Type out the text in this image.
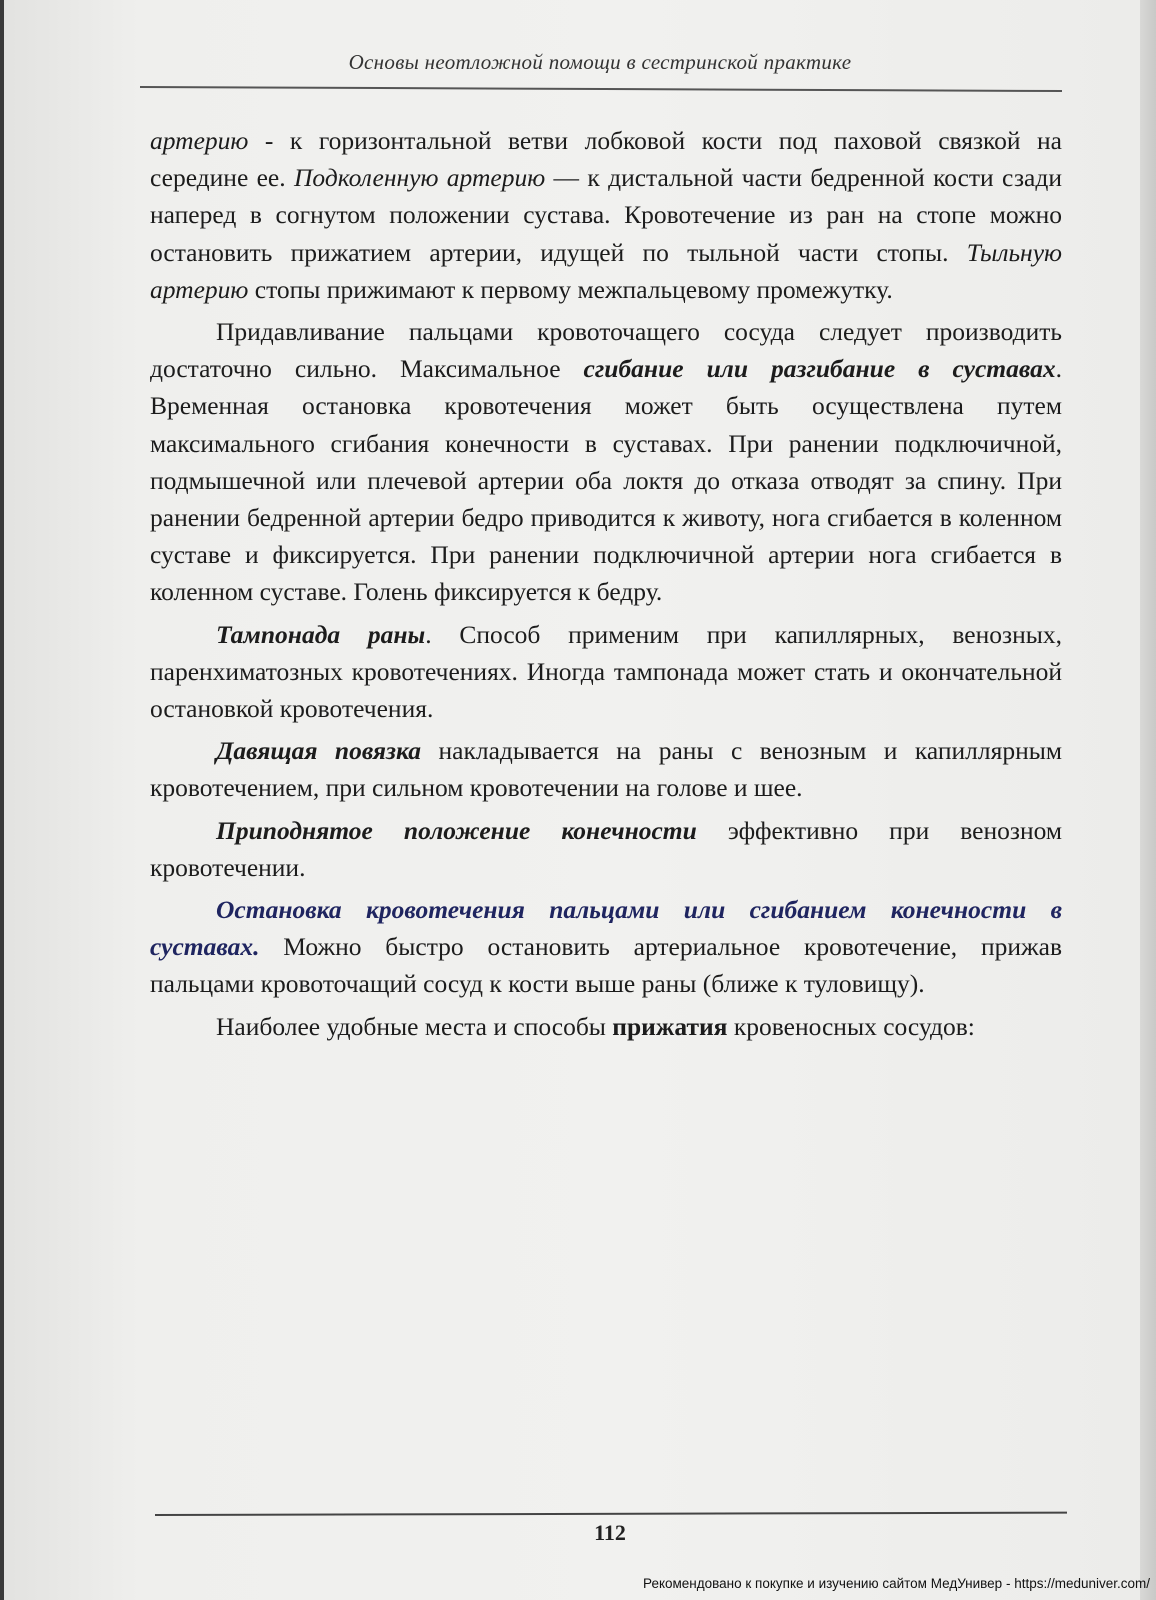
Основы неотложной помощи в сестринской практике

артерию - к горизонтальной ветви лобковой кости под паховой связкой на середине ее. Подколенную артерию — к дистальной части бедренной кости сзади наперед в согнутом положении сустава. Кровотечение из ран на стопе можно остановить прижатием артерии, идущей по тыльной части стопы. Тыльную артерию стопы прижимают к первому межпальцевому промежутку.

Придавливание пальцами кровоточащего сосуда следует производить достаточно сильно. Максимальное сгибание или разгибание в суставах. Временная остановка кровотечения может быть осуществлена путем максимального сгибания конечности в суставах. При ранении подключичной, подмышечной или плечевой артерии оба локтя до отказа отводят за спину. При ранении бедренной артерии бедро приводится к животу, нога сгибается в коленном суставе и фиксируется. При ранении подключичной артерии нога сгибается в коленном суставе. Голень фиксируется к бедру.

Тампонада раны. Способ применим при капиллярных, венозных, паренхиматозных кровотечениях. Иногда тампонада может стать и окончательной остановкой кровотечения.

Давящая повязка накладывается на раны с венозным и капиллярным кровотечением, при сильном кровотечении на голове и шее.

Приподнятое положение конечности эффективно при венозном кровотечении.

Остановка кровотечения пальцами или сгибанием конечности в суставах. Можно быстро остановить артериальное кровотечение, прижав пальцами кровоточащий сосуд к кости выше раны (ближе к туловищу).

Наиболее удобные места и способы прижатия кровеносных сосудов:

112
Рекомендовано к покупке и изучению сайтом МедУнивер - https://meduniver.com/
